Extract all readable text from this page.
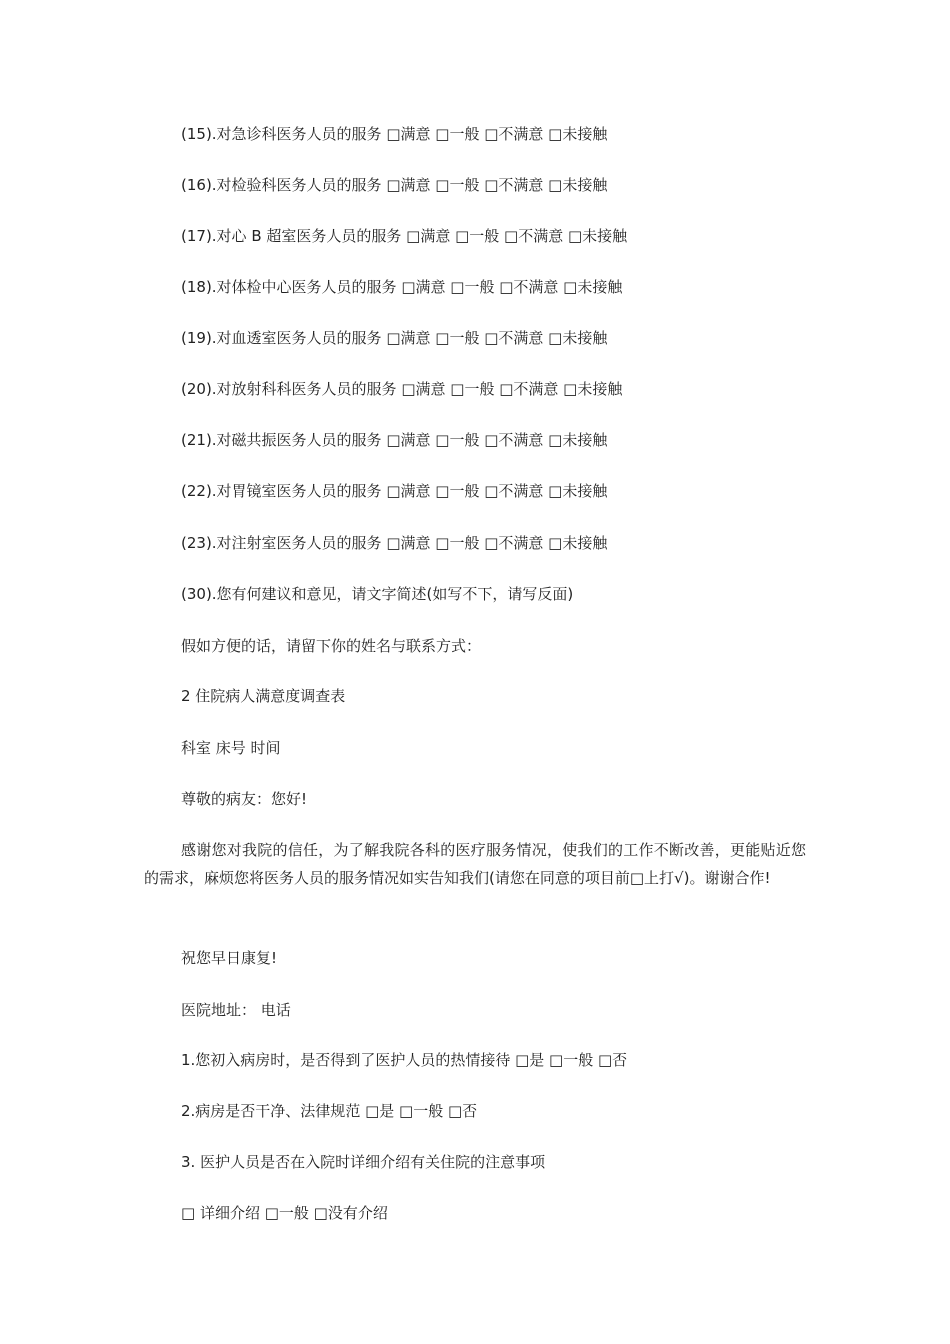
(15).对急诊科医务人员的服务 □满意 □一般 □不满意 □未接触
(16).对检验科医务人员的服务 □满意 □一般 □不满意 □未接触
(17).对心 B 超室医务人员的服务 □满意 □一般 □不满意 □未接触
(18).对体检中心医务人员的服务 □满意 □一般 □不满意 □未接触
(19).对血透室医务人员的服务 □满意 □一般 □不满意 □未接触
(20).对放射科科医务人员的服务 □满意 □一般 □不满意 □未接触
(21).对磁共振医务人员的服务 □满意 □一般 □不满意 □未接触
(22).对胃镜室医务人员的服务 □满意 □一般 □不满意 □未接触
(23).对注射室医务人员的服务 □满意 □一般 □不满意 □未接触
(30).您有何建议和意见，请文字简述(如写不下，请写反面)
假如方便的话，请留下你的姓名与联系方式：
2 住院病人满意度调查表
科室 床号 时间
尊敬的病友：您好!
感谢您对我院的信任，为了解我院各科的医疗服务情况，使我们的工作不断改善，更能贴近您的需求，麻烦您将医务人员的服务情况如实告知我们(请您在同意的项目前□上打√)。谢谢合作!
祝您早日康复!
医院地址： 电话
1.您初入病房时，是否得到了医护人员的热情接待 □是 □一般 □否
2.病房是否干净、法律规范 □是 □一般 □否
3. 医护人员是否在入院时详细介绍有关住院的注意事项
□ 详细介绍 □一般 □没有介绍
